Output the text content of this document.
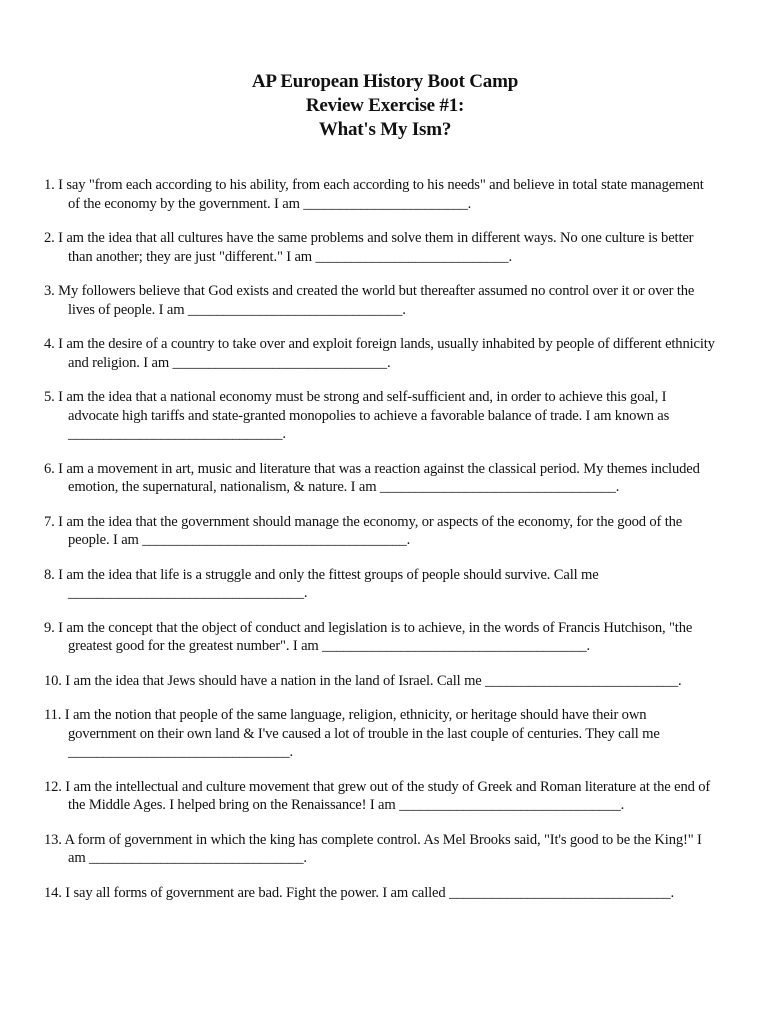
AP European History Boot Camp
Review Exercise #1:
What's My Ism?

1. I say "from each according to his ability, from each according to his needs" and believe in total state management of the economy by the government. I am _______________________.

2. I am the idea that all cultures have the same problems and solve them in different ways. No one culture is better than another; they are just "different." I am ___________________________.

3. My followers believe that God exists and created the world but thereafter assumed no control over it or over the lives of people. I am ______________________________.

4. I am the desire of a country to take over and exploit foreign lands, usually inhabited by people of different ethnicity and religion. I am ______________________________.

5. I am the idea that a national economy must be strong and self-sufficient and, in order to achieve this goal, I advocate high tariffs and state-granted monopolies to achieve a favorable balance of trade. I am known as ______________________________.

6. I am a movement in art, music and literature that was a reaction against the classical period. My themes included emotion, the supernatural, nationalism, & nature. I am _________________________________.

7. I am the idea that the government should manage the economy, or aspects of the economy, for the good of the people. I am _____________________________________.

8. I am the idea that life is a struggle and only the fittest groups of people should survive. Call me _________________________________.

9. I am the concept that the object of conduct and legislation is to achieve, in the words of Francis Hutchison, "the greatest good for the greatest number". I am _____________________________________.

10. I am the idea that Jews should have a nation in the land of Israel. Call me ___________________________.

11. I am the notion that people of the same language, religion, ethnicity, or heritage should have their own government on their own land & I've caused a lot of trouble in the last couple of centuries. They call me _______________________________.

12. I am the intellectual and culture movement that grew out of the study of Greek and Roman literature at the end of the Middle Ages. I helped bring on the Renaissance! I am _______________________________.

13. A form of government in which the king has complete control. As Mel Brooks said, "It's good to be the King!" I am ______________________________.

14. I say all forms of government are bad. Fight the power. I am called _______________________________.
